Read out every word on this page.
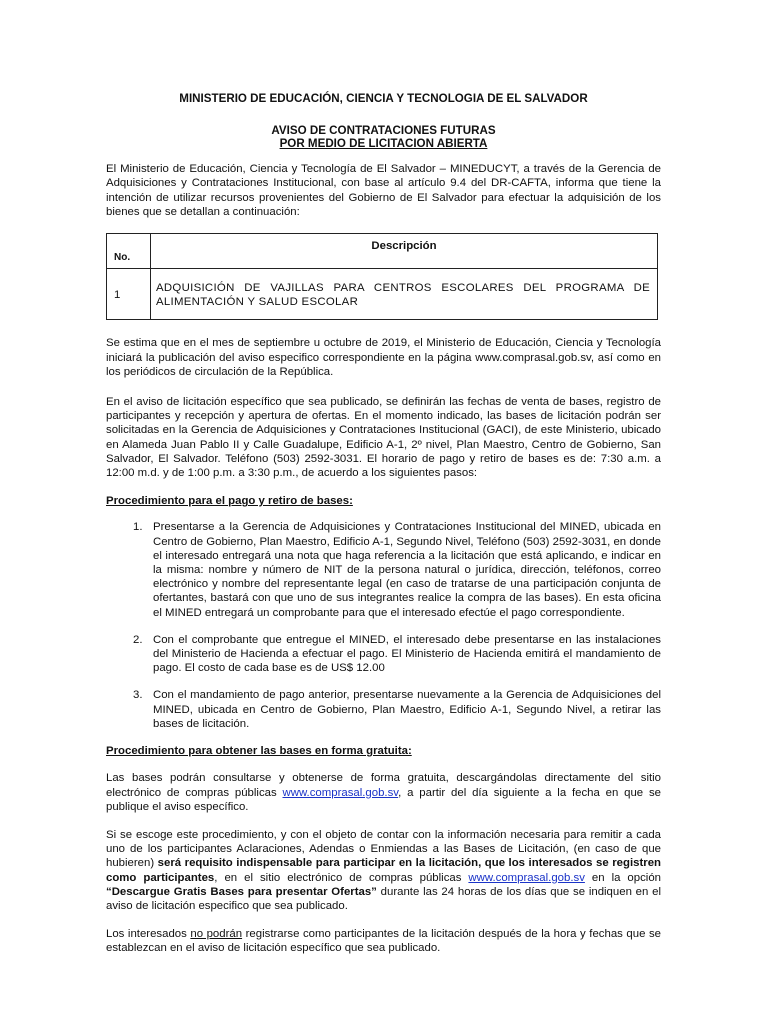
MINISTERIO DE EDUCACIÓN, CIENCIA Y TECNOLOGIA DE EL SALVADOR
AVISO DE CONTRATACIONES FUTURAS
POR MEDIO DE LICITACION ABIERTA

El Ministerio de Educación, Ciencia y Tecnología de El Salvador – MINEDUCYT, a través de la Gerencia de Adquisiciones y Contrataciones Institucional, con base al artículo 9.4 del DR-CAFTA, informa que tiene la intención de utilizar recursos provenientes del Gobierno de El Salvador para efectuar la adquisición de los bienes que se detallan a continuación:

No.	Descripción
1	ADQUISICIÓN DE VAJILLAS PARA CENTROS ESCOLARES DEL PROGRAMA DE ALIMENTACIÓN Y SALUD ESCOLAR

Se estima que en el mes de septiembre u octubre de 2019, el Ministerio de Educación, Ciencia y Tecnología iniciará la publicación del aviso especifico correspondiente en la página www.comprasal.gob.sv, así como en los periódicos de circulación de la República.

En el aviso de licitación específico que sea publicado, se definirán las fechas de venta de bases, registro de participantes y recepción y apertura de ofertas. En el momento indicado, las bases de licitación podrán ser solicitadas en la Gerencia de Adquisiciones y Contrataciones Institucional (GACI), de este Ministerio, ubicado en Alameda Juan Pablo II y Calle Guadalupe, Edificio A-1, 2º nivel, Plan Maestro, Centro de Gobierno, San Salvador, El Salvador. Teléfono (503) 2592-3031. El horario de pago y retiro de bases es de: 7:30 a.m. a 12:00 m.d. y de 1:00 p.m. a 3:30 p.m., de acuerdo a los siguientes pasos:

Procedimiento para el pago y retiro de bases:
1. Presentarse a la Gerencia de Adquisiciones y Contrataciones Institucional del MINED, ubicada en Centro de Gobierno, Plan Maestro, Edificio A-1, Segundo Nivel, Teléfono (503) 2592-3031, en donde el interesado entregará una nota que haga referencia a la licitación que está aplicando, e indicar en la misma: nombre y número de NIT de la persona natural o jurídica, dirección, teléfonos, correo electrónico y nombre del representante legal (en caso de tratarse de una participación conjunta de ofertantes, bastará con que uno de sus integrantes realice la compra de las bases). En esta oficina el MINED entregará un comprobante para que el interesado efectúe el pago correspondiente.

2. Con el comprobante que entregue el MINED, el interesado debe presentarse en las instalaciones del Ministerio de Hacienda a efectuar el pago. El Ministerio de Hacienda emitirá el mandamiento de pago. El costo de cada base es de US$ 12.00

3. Con el mandamiento de pago anterior, presentarse nuevamente a la Gerencia de Adquisiciones del MINED, ubicada en Centro de Gobierno, Plan Maestro, Edificio A-1, Segundo Nivel, a retirar las bases de licitación.

Procedimiento para obtener las bases en forma gratuita:

Las bases podrán consultarse y obtenerse de forma gratuita, descargándolas directamente del sitio electrónico de compras públicas www.comprasal.gob.sv, a partir del día siguiente a la fecha en que se publique el aviso específico.

Si se escoge este procedimiento, y con el objeto de contar con la información necesaria para remitir a cada uno de los participantes Aclaraciones, Adendas o Enmiendas a las Bases de Licitación, (en caso de que hubieren) será requisito indispensable para participar en la licitación, que los interesados se registren como participantes, en el sitio electrónico de compras públicas www.comprasal.gob.sv en la opción “Descargue Gratis Bases para presentar Ofertas” durante las 24 horas de los días que se indiquen en el aviso de licitación especifico que sea publicado.

Los interesados no podrán registrarse como participantes de la licitación después de la hora y fechas que se establezcan en el aviso de licitación específico que sea publicado.
